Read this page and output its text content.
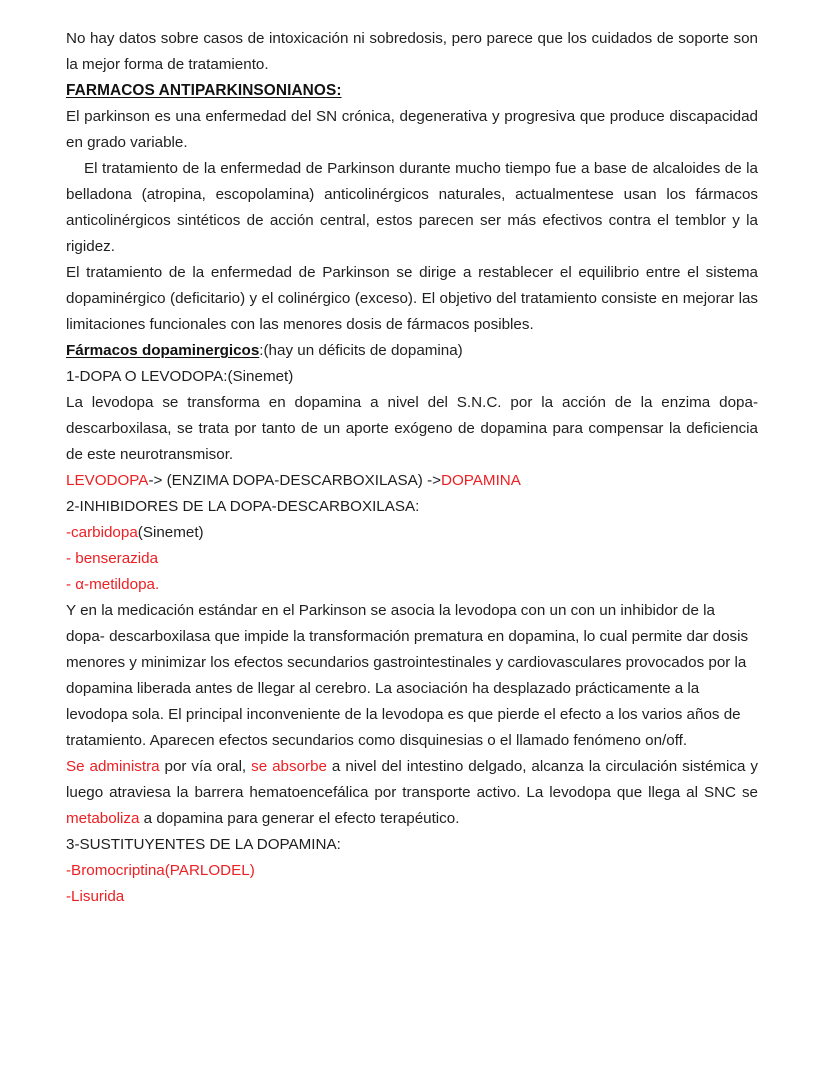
No hay datos sobre casos de intoxicación ni sobredosis, pero parece que los cuidados de soporte son la mejor forma de tratamiento.

FARMACOS ANTIPARKINSONIANOS:

El parkinson es una enfermedad del SN crónica, degenerativa y progresiva que produce discapacidad en grado variable.

El tratamiento de la enfermedad de Parkinson durante mucho tiempo fue a base de alcaloides de la belladona (atropina, escopolamina) anticolinérgicos naturales, actualmentese usan los fármacos anticolinérgicos sintéticos de acción central, estos parecen ser más efectivos contra el temblor y la rigidez.

El tratamiento de la enfermedad de Parkinson se dirige a restablecer el equilibrio entre el sistema dopaminérgico (deficitario) y el colinérgico (exceso). El objetivo del tratamiento consiste en mejorar las limitaciones funcionales con las menores dosis de fármacos posibles.

Fármacos dopaminergicos:(hay un déficits de dopamina)

1-DOPA O LEVODOPA:(Sinemet)

La levodopa se transforma en dopamina a nivel del S.N.C. por la acción de la enzima dopa-descarboxilasa, se trata por tanto de un aporte exógeno de dopamina para compensar la deficiencia de este neurotransmisor.

LEVODOPA-> (ENZIMA DOPA-DESCARBOXILASA) ->DOPAMINA

2-INHIBIDORES DE LA DOPA-DESCARBOXILASA:

-carbidopa(Sinemet)

- benserazida

- α-metildopa.

Y en la medicación estándar en el Parkinson se asocia la levodopa con un con un inhibidor de la dopa- descarboxilasa que impide la transformación prematura en dopamina, lo cual permite dar dosis menores y minimizar los efectos secundarios gastrointestinales y cardiovasculares provocados por la dopamina liberada antes de llegar al cerebro. La asociación ha desplazado prácticamente a la levodopa sola. El principal inconveniente de la levodopa es que pierde el efecto a los varios años de tratamiento. Aparecen efectos secundarios como disquinesias o el llamado fenómeno on/off.

Se administra por vía oral, se absorbe a nivel del intestino delgado, alcanza la circulación sistémica y luego atraviesa la barrera hematoencefálica por transporte activo. La levodopa que llega al SNC se metaboliza a dopamina para generar el efecto terapéutico.

3-SUSTITUYENTES DE LA DOPAMINA:

-Bromocriptina(PARLODEL)

-Lisurida
